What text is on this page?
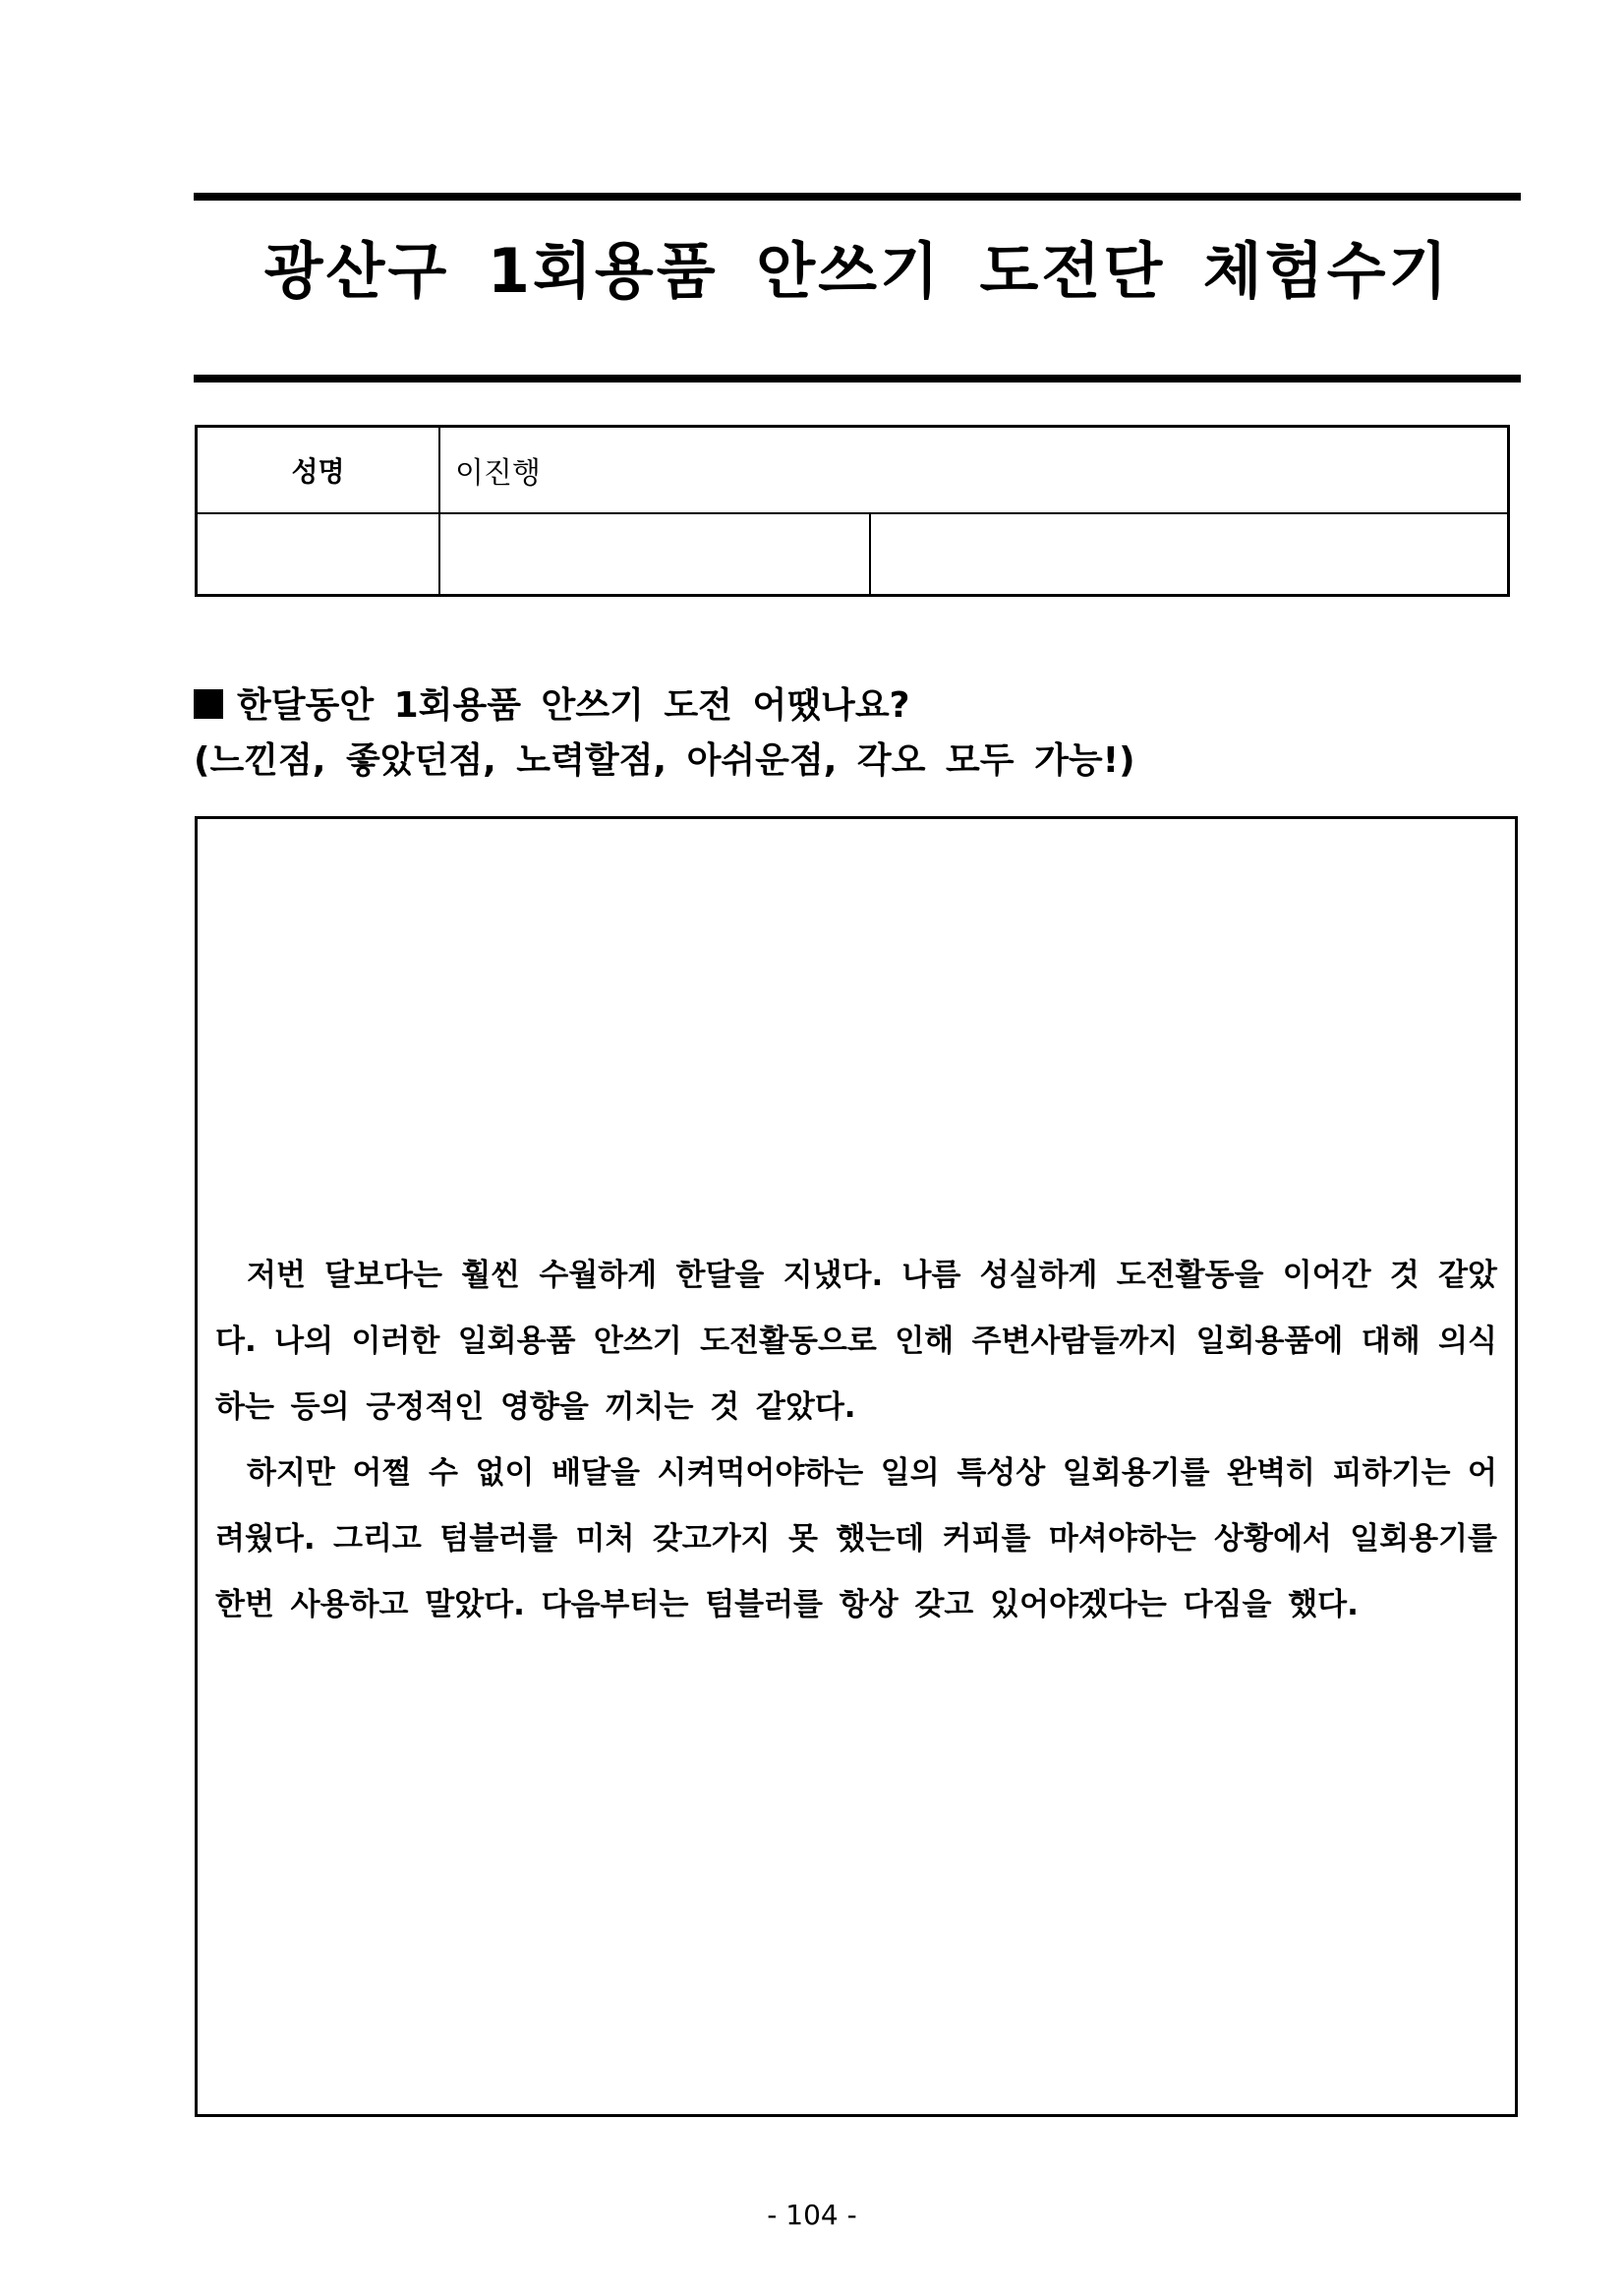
광산구 1회용품 안쓰기 도전단 체험수기
성명	이진행
한달동안 1회용품 안쓰기 도전 어땠나요?
(느낀점, 좋았던점, 노력할점, 아쉬운점, 각오 모두 가능!)

저번 달보다는 훨씬 수월하게 한달을 지냈다. 나름 성실하게 도전활동을 이어간 것 같았다. 나의 이러한 일회용품 안쓰기 도전활동으로 인해 주변사람들까지 일회용품에 대해 의식하는 등의 긍정적인 영향을 끼치는 것 같았다.

하지만 어쩔 수 없이 배달을 시켜먹어야하는 일의 특성상 일회용기를 완벽히 피하기는 어려웠다. 그리고 텀블러를 미처 갖고가지 못 했는데 커피를 마셔야하는 상황에서 일회용기를 한번 사용하고 말았다. 다음부터는 텀블러를 항상 갖고 있어야겠다는 다짐을 했다.

- 104 -
